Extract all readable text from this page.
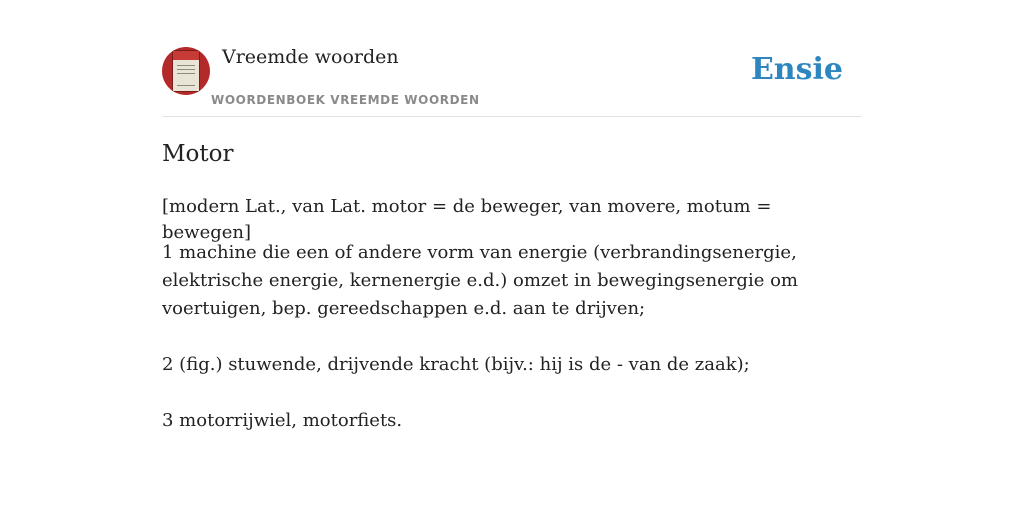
Vreemde woorden
WOORDENBOEK VREEMDE WOORDEN
Ensie
Motor
[modern Lat., van Lat. motor = de beweger, van movere, motum = bewegen]

1 machine die een of andere vorm van energie (verbrandingsenergie, elektrische energie, kernenergie e.d.) omzet in bewegingsenergie om voertuigen, bep. gereedschappen e.d. aan te drijven;

2 (fig.) stuwende, drijvende kracht (bijv.: hij is de - van de zaak);

3 motorrijwiel, motorfiets.
